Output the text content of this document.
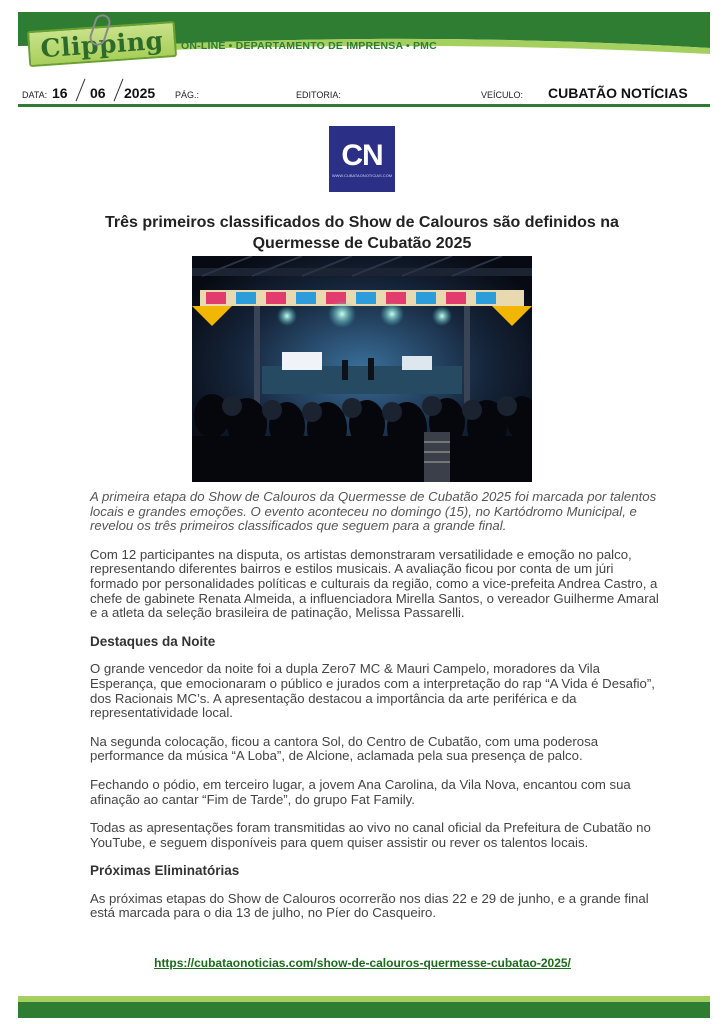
Clipping ON-LINE • DEPARTAMENTO DE IMPRENSA • PMC
DATA: 16 06 2025 PÁG.:	EDITORIA:	VEÍCULO: CUBATÃO NOTÍCIAS
CN
WWW.CUBATAONOTICIAS.COM
Três primeiros classificados do Show de Calouros são definidos na Quermesse de Cubatão 2025

A primeira etapa do Show de Calouros da Quermesse de Cubatão 2025 foi marcada por talentos locais e grandes emoções. O evento aconteceu no domingo (15), no Kartódromo Municipal, e revelou os três primeiros classificados que seguem para a grande final.

Com 12 participantes na disputa, os artistas demonstraram versatilidade e emoção no palco, representando diferentes bairros e estilos musicais. A avaliação ficou por conta de um júri formado por personalidades políticas e culturais da região, como a vice-prefeita Andrea Castro, a chefe de gabinete Renata Almeida, a influenciadora Mirella Santos, o vereador Guilherme Amaral e a atleta da seleção brasileira de patinação, Melissa Passarelli.

Destaques da Noite

O grande vencedor da noite foi a dupla Zero7 MC & Mauri Campelo, moradores da Vila Esperança, que emocionaram o público e jurados com a interpretação do rap “A Vida é Desafio”, dos Racionais MC’s. A apresentação destacou a importância da arte periférica e da representatividade local.

Na segunda colocação, ficou a cantora Sol, do Centro de Cubatão, com uma poderosa performance da música “A Loba”, de Alcione, aclamada pela sua presença de palco.

Fechando o pódio, em terceiro lugar, a jovem Ana Carolina, da Vila Nova, encantou com sua afinação ao cantar “Fim de Tarde”, do grupo Fat Family.

Todas as apresentações foram transmitidas ao vivo no canal oficial da Prefeitura de Cubatão no YouTube, e seguem disponíveis para quem quiser assistir ou rever os talentos locais.

Próximas Eliminatórias

As próximas etapas do Show de Calouros ocorrerão nos dias 22 e 29 de junho, e a grande final está marcada para o dia 13 de julho, no Píer do Casqueiro.

https://cubataonoticias.com/show-de-calouros-quermesse-cubatao-2025/
